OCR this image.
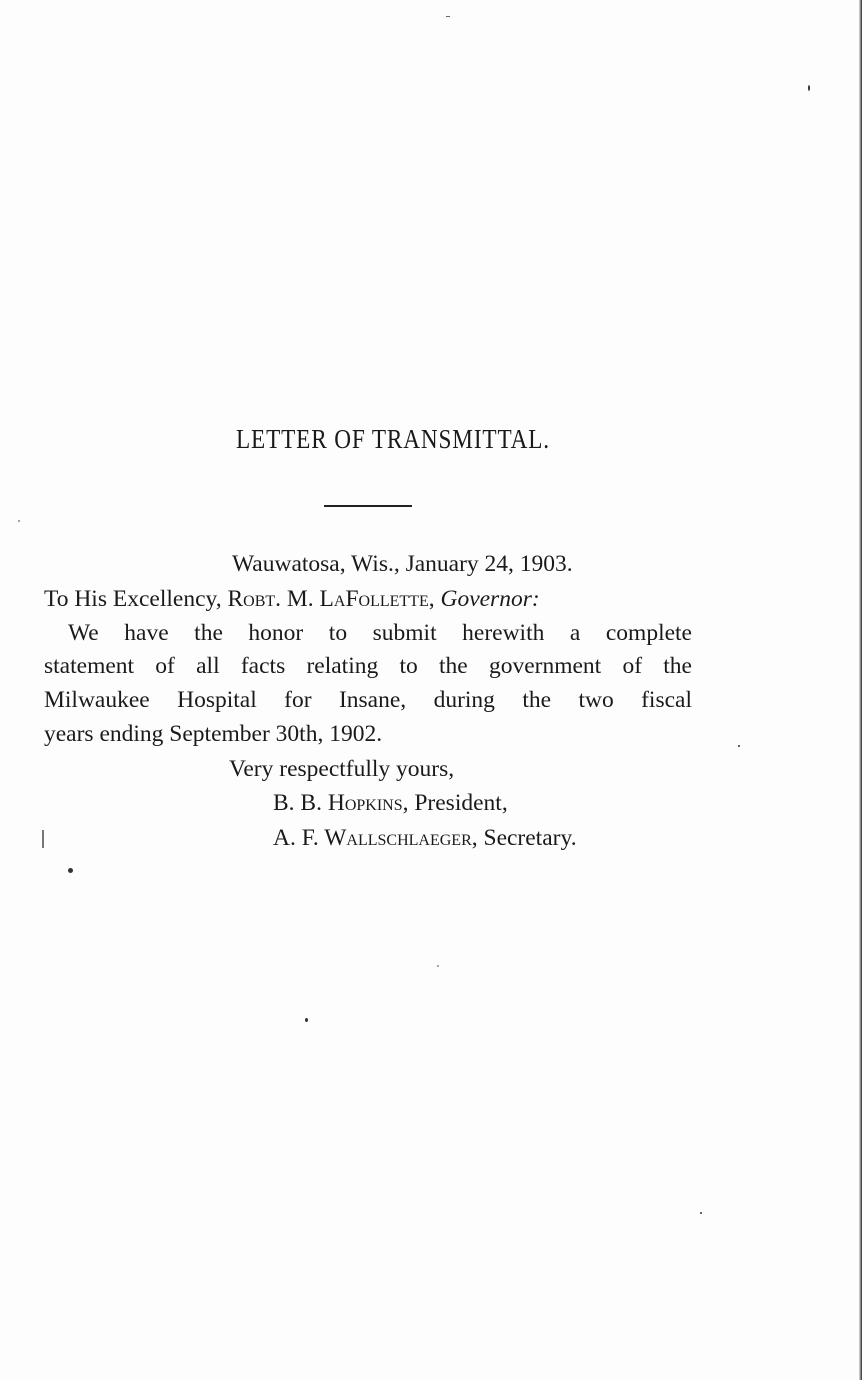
LETTER OF TRANSMITTAL.
Wauwatosa, Wis., January 24, 1903.
To His Excellency, Robt. M. LaFollette, Governor:
We have the honor to submit herewith a complete
statement of all facts relating to the government of the
Milwaukee Hospital for Insane, during the two fiscal
years ending September 30th, 1902.
Very respectfully yours,
B. B. Hopkins, President,
A. F. Wallschlaeger, Secretary.
